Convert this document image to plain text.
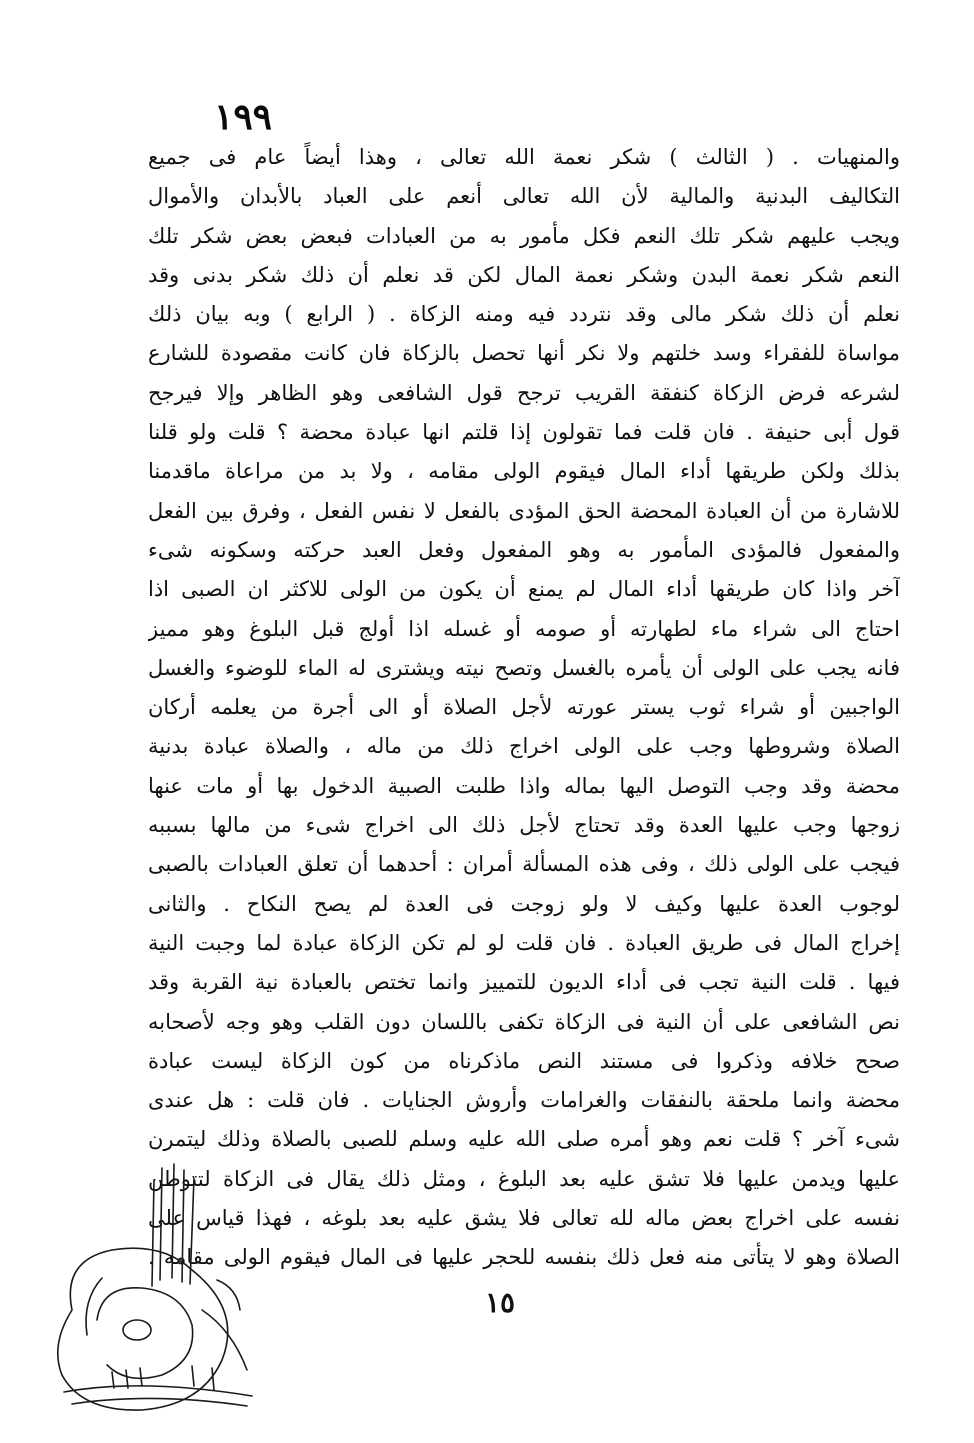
١٩٩
والمنهيات . ( الثالث ) شكر نعمة الله تعالى ، وهذا أيضاً عام فى جميع
التكاليف البدنية والمالية لأن الله تعالى أنعم على العباد بالأبدان والأموال
ويجب عليهم شكر تلك النعم فكل مأمور به من العبادات فبعض بعض شكر تلك
النعم شكر نعمة البدن وشكر نعمة المال لكن قد نعلم أن ذلك شكر بدنى وقد
نعلم أن ذلك شكر مالى وقد نتردد فيه ومنه الزكاة . ( الرابع ) وبه بيان ذلك
مواساة للفقراء وسد خلتهم ولا نكر أنها تحصل بالزكاة فان كانت مقصودة للشارع
لشرعه فرض الزكاة كنفقة القريب ترجح قول الشافعى وهو الظاهر وإلا فيرجح
قول أبى حنيفة . فان قلت فما تقولون إذا قلتم انها عبادة محضة ؟ قلت ولو قلنا
بذلك ولكن طريقها أداء المال فيقوم الولى مقامه ، ولا بد من مراعاة ماقدمنا
للاشارة من أن العبادة المحضة الحق المؤدى بالفعل لا نفس الفعل ، وفرق بين الفعل
والمفعول فالمؤدى المأمور به وهو المفعول وفعل العبد حركته وسكونه شىء
آخر واذا كان طريقها أداء المال لم يمنع أن يكون من الولى للاكثر ان الصبى اذا
احتاج الى شراء ماء لطهارته أو صومه أو غسله اذا أولج قبل البلوغ وهو مميز
فانه يجب على الولى أن يأمره بالغسل وتصح نيته ويشترى له الماء للوضوء والغسل
الواجبين أو شراء ثوب يستر عورته لأجل الصلاة أو الى أجرة من يعلمه أركان
الصلاة وشروطها وجب على الولى اخراج ذلك من ماله ، والصلاة عبادة بدنية
محضة وقد وجب التوصل اليها بماله واذا طلبت الصبية الدخول بها أو مات عنها
زوجها وجب عليها العدة وقد تحتاج لأجل ذلك الى اخراج شىء من مالها بسببه
فيجب على الولى ذلك ، وفى هذه المسألة أمران : أحدهما أن تعلق العبادات بالصبى
لوجوب العدة عليها وكيف لا ولو زوجت فى العدة لم يصح النكاح . والثانى
إخراج المال فى طريق العبادة . فان قلت لو لم تكن الزكاة عبادة لما وجبت النية
فيها . قلت النية تجب فى أداء الديون للتمييز وانما تختص بالعبادة نية القربة وقد
نص الشافعى على أن النية فى الزكاة تكفى باللسان دون القلب وهو وجه لأصحابه
صحح خلافه وذكروا فى مستند النص ماذكرناه من كون الزكاة ليست عبادة
محضة وانما ملحقة بالنفقات والغرامات وأروش الجنايات . فان قلت : هل عندى
شىء آخر ؟ قلت نعم وهو أمره صلى الله عليه وسلم للصبى بالصلاة وذلك ليتمرن
عليها ويدمن عليها فلا تشق عليه بعد البلوغ ، ومثل ذلك يقال فى الزكاة لتتوطن
نفسه على اخراج بعض ماله لله تعالى فلا يشق عليه بعد بلوغه ، فهذا قياس على
الصلاة وهو لا يتأتى منه فعل ذلك بنفسه للحجر عليها فى المال فيقوم الولى مقامه .
١٥
